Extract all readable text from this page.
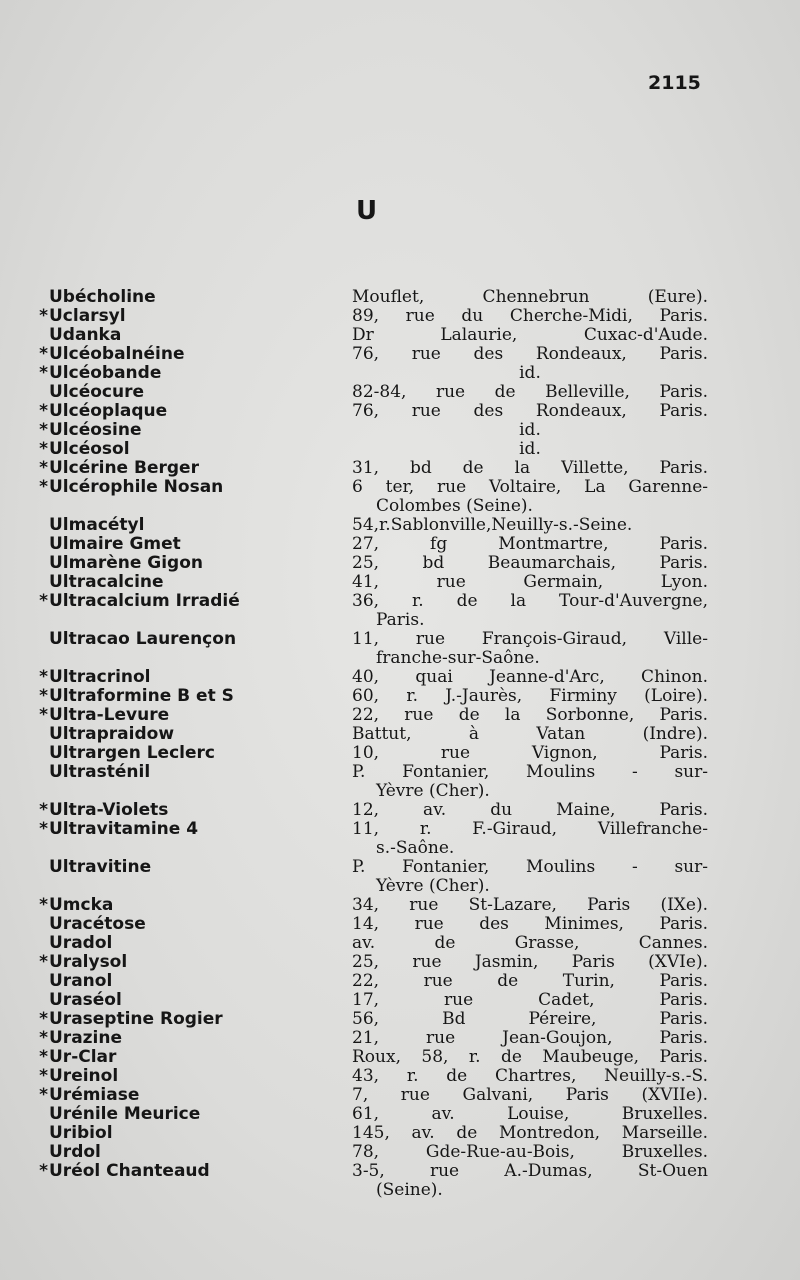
2115
U
Ubécholine	Mouflet, Chennebrun (Eure).
*Uclarsyl	89, rue du Cherche-Midi, Paris.
Udanka	Dr Lalaurie, Cuxac-d'Aude.
*Ulcéobalnéine	76, rue des Rondeaux, Paris.
*Ulcéobande	id.
Ulcéocure	82-84, rue de Belleville, Paris.
*Ulcéoplaque	76, rue des Rondeaux, Paris.
*Ulcéosine	id.
*Ulcéosol	id.
*Ulcérine Berger	31, bd de la Villette, Paris.
*Ulcérophile Nosan	6 ter, rue Voltaire, La Garenne-
Colombes (Seine).
Ulmacétyl	54,r.Sablonville,Neuilly-s.-Seine.
Ulmaire Gmet	27, fg Montmartre, Paris.
Ulmarène Gigon	25, bd Beaumarchais, Paris.
Ultracalcine	41, rue Germain, Lyon.
*Ultracalcium Irradié	36, r. de la Tour-d'Auvergne,
Paris.
Ultracao Laurençon	11, rue François-Giraud, Ville-
franche-sur-Saône.
*Ultracrinol	40, quai Jeanne-d'Arc, Chinon.
*Ultraformine B et S	60, r. J.-Jaurès, Firminy (Loire).
*Ultra-Levure	22, rue de la Sorbonne, Paris.
Ultrapraidow	Battut, à Vatan (Indre).
Ultrargen Leclerc	10, rue Vignon, Paris.
Ultrasténil	P. Fontanier, Moulins - sur-
Yèvre (Cher).
*Ultra-Violets	12, av. du Maine, Paris.
*Ultravitamine 4	11, r. F.-Giraud, Villefranche-
s.-Saône.
Ultravitine	P. Fontanier, Moulins - sur-
Yèvre (Cher).
*Umcka	34, rue St-Lazare, Paris (IXe).
Uracétose	14, rue des Minimes, Paris.
Uradol	av. de Grasse, Cannes.
*Uralysol	25, rue Jasmin, Paris (XVIe).
Uranol	22, rue de Turin, Paris.
Uraséol	17, rue Cadet, Paris.
*Uraseptine Rogier	56, Bd Péreire, Paris.
*Urazine	21, rue Jean-Goujon, Paris.
*Ur-Clar	Roux, 58, r. de Maubeuge, Paris.
*Ureinol	43, r. de Chartres, Neuilly-s.-S.
*Urémiase	7, rue Galvani, Paris (XVIIe).
Urénile Meurice	61, av. Louise, Bruxelles.
Uribiol	145, av. de Montredon, Marseille.
Urdol	78, Gde-Rue-au-Bois, Bruxelles.
*Uréol Chanteaud	3-5, rue A.-Dumas, St-Ouen
(Seine).
